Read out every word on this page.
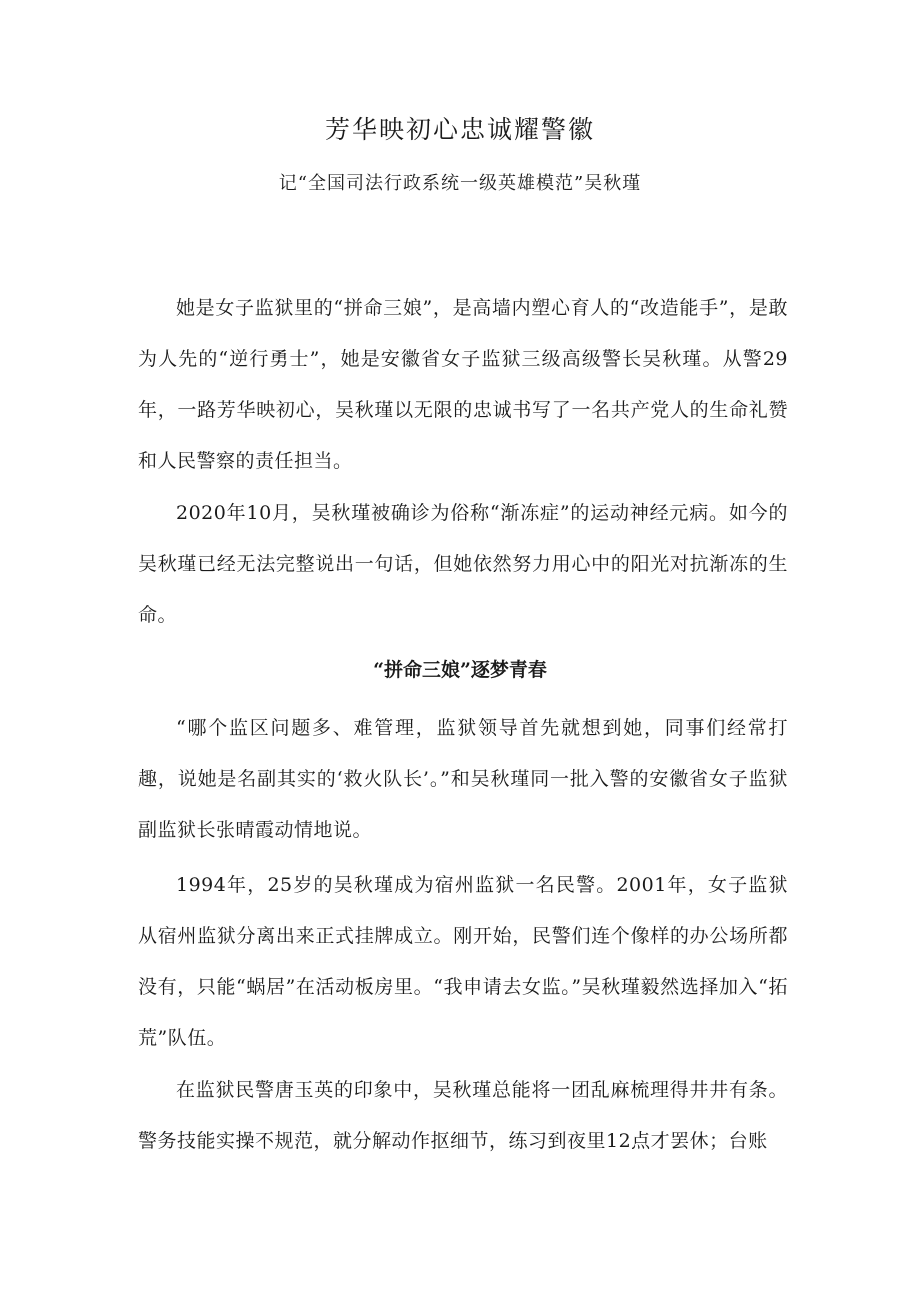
芳华映初心忠诚耀警徽

记“全国司法行政系统一级英雄模范”吴秋瑾

她是女子监狱里的“拼命三娘”，是高墙内塑心育人的“改造能手”，是敢为人先的“逆行勇士”，她是安徽省女子监狱三级高级警长吴秋瑾。从警29年，一路芳华映初心，吴秋瑾以无限的忠诚书写了一名共产党人的生命礼赞和人民警察的责任担当。

2020年10月，吴秋瑾被确诊为俗称“渐冻症”的运动神经元病。如今的吴秋瑾已经无法完整说出一句话，但她依然努力用心中的阳光对抗渐冻的生命。

“拼命三娘”逐梦青春

“哪个监区问题多、难管理，监狱领导首先就想到她，同事们经常打趣，说她是名副其实的‘救火队长’。”和吴秋瑾同一批入警的安徽省女子监狱副监狱长张晴霞动情地说。

1994年，25岁的吴秋瑾成为宿州监狱一名民警。2001年，女子监狱从宿州监狱分离出来正式挂牌成立。刚开始，民警们连个像样的办公场所都没有，只能“蜗居”在活动板房里。“我申请去女监。”吴秋瑾毅然选择加入“拓荒”队伍。

在监狱民警唐玉英的印象中，吴秋瑾总能将一团乱麻梳理得井井有条。警务技能实操不规范，就分解动作抠细节，练习到夜里12点才罢休；台账
